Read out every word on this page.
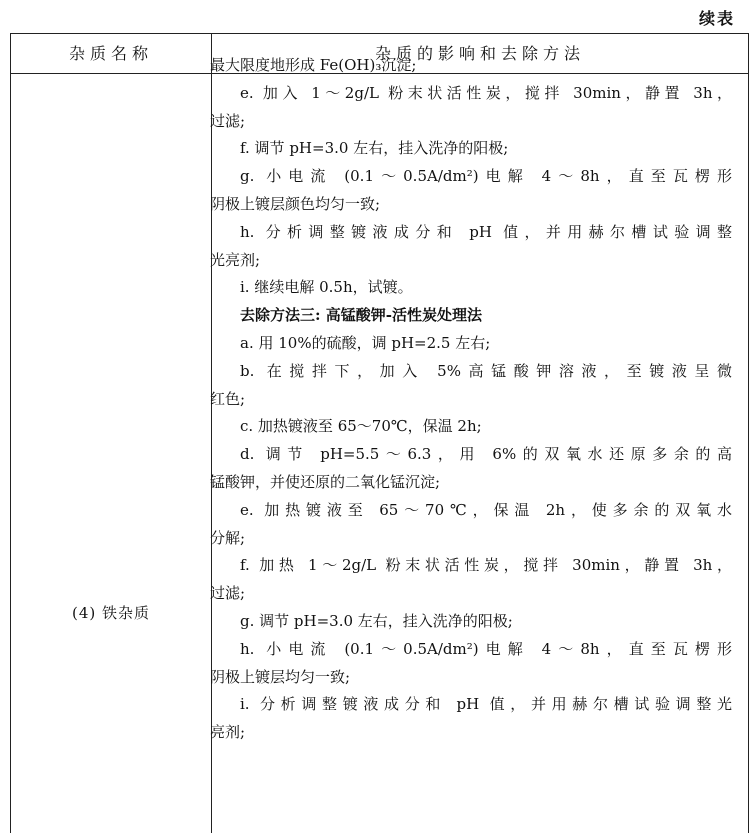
续表
杂质名称	杂质的影响和去除方法
(4) 铁杂质
最大限度地形成 Fe(OH)₃沉淀;
e. 加入 1～2g/L 粉末状活性炭，搅拌 30min，静置 3h，
过滤;
f. 调节 pH=3.0 左右，挂入洗净的阳极;
g. 小电流 (0.1～0.5A/dm²)电解 4～8h，直至瓦楞形
阴极上镀层颜色均匀一致;
h. 分析调整镀液成分和 pH 值，并用赫尔槽试验调整
光亮剂;
i. 继续电解 0.5h，试镀。
去除方法三: 高锰酸钾-活性炭处理法
a. 用 10%的硫酸，调 pH=2.5 左右;
b. 在搅拌下，加入 5%高锰酸钾溶液，至镀液呈微
红色;
c. 加热镀液至 65～70℃，保温 2h;
d. 调节 pH=5.5～6.3，用 6%的双氧水还原多余的高
锰酸钾，并使还原的二氧化锰沉淀;
e. 加热镀液至 65～70℃，保温 2h，使多余的双氧水
分解;
f. 加热 1～2g/L 粉末状活性炭，搅拌 30min，静置 3h，
过滤;
g. 调节 pH=3.0 左右，挂入洗净的阳极;
h. 小电流 (0.1～0.5A/dm²)电解 4～8h，直至瓦楞形
阴极上镀层均匀一致;
i. 分析调整镀液成分和 pH 值，并用赫尔槽试验调整光
亮剂;
